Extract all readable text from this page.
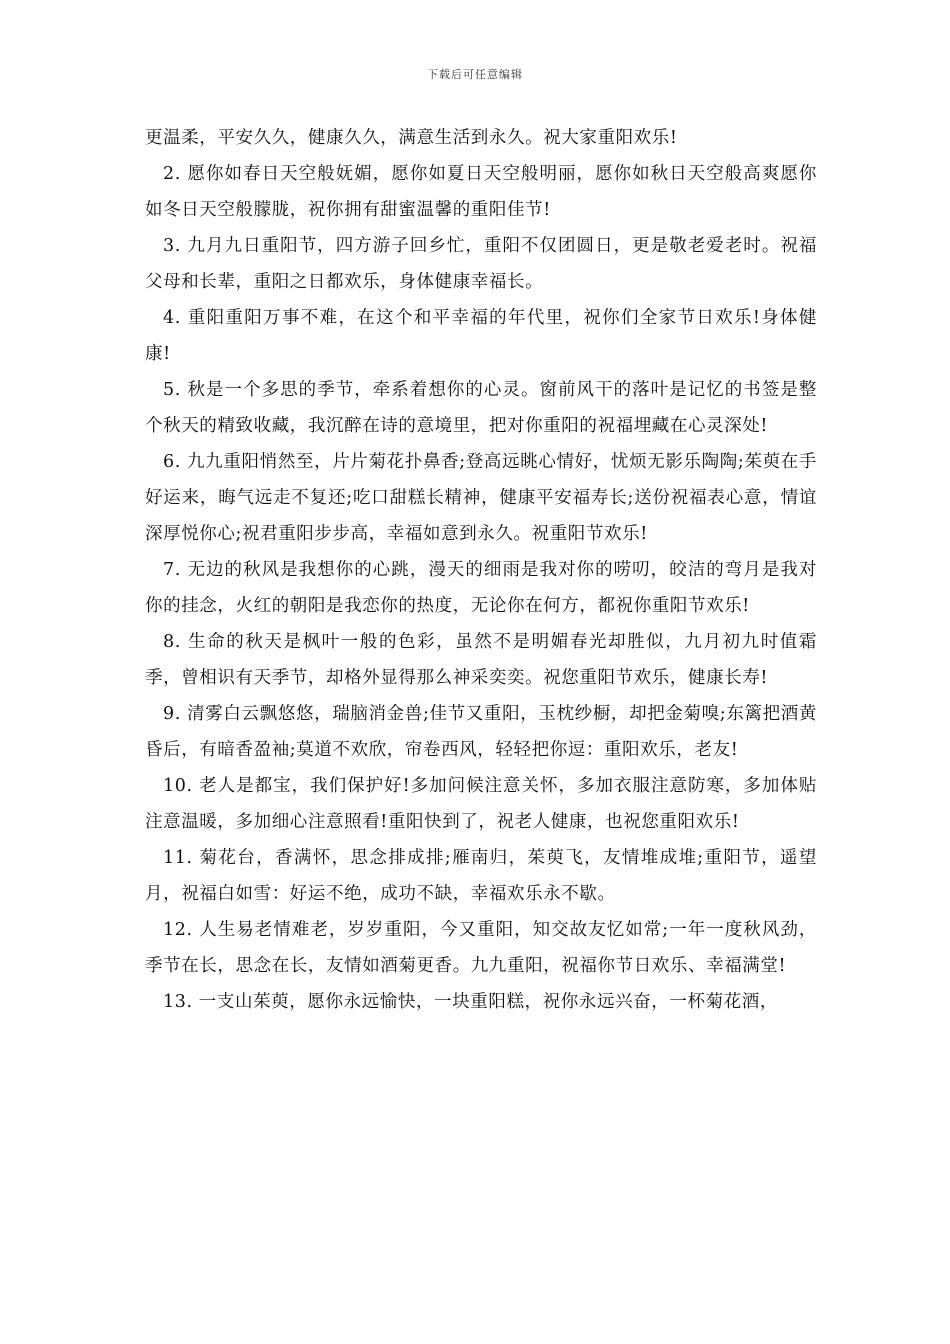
下载后可任意编辑

更温柔，平安久久，健康久久，满意生活到永久。祝大家重阳欢乐!

2. 愿你如春日天空般妩媚，愿你如夏日天空般明丽，愿你如秋日天空般高爽愿你如冬日天空般朦胧，祝你拥有甜蜜温馨的重阳佳节!

3. 九月九日重阳节，四方游子回乡忙，重阳不仅团圆日，更是敬老爱老时。祝福父母和长辈，重阳之日都欢乐，身体健康幸福长。

4. 重阳重阳万事不难，在这个和平幸福的年代里，祝你们全家节日欢乐!身体健康!

5. 秋是一个多思的季节，牵系着想你的心灵。窗前风干的落叶是记忆的书签是整个秋天的精致收藏，我沉醉在诗的意境里，把对你重阳的祝福埋藏在心灵深处!

6. 九九重阳悄然至，片片菊花扑鼻香;登高远眺心情好，忧烦无影乐陶陶;茱萸在手好运来，晦气远走不复还;吃口甜糕长精神，健康平安福寿长;送份祝福表心意，情谊深厚悦你心;祝君重阳步步高，幸福如意到永久。祝重阳节欢乐!

7. 无边的秋风是我想你的心跳，漫天的细雨是我对你的唠叨，皎洁的弯月是我对你的挂念，火红的朝阳是我恋你的热度，无论你在何方，都祝你重阳节欢乐!

8. 生命的秋天是枫叶一般的色彩，虽然不是明媚春光却胜似，九月初九时值霜季，曾相识有天季节，却格外显得那么神采奕奕。祝您重阳节欢乐，健康长寿!

9. 清雾白云飘悠悠，瑞脑消金兽;佳节又重阳，玉枕纱橱，却把金菊嗅;东篱把酒黄昏后，有暗香盈袖;莫道不欢欣，帘卷西风，轻轻把你逗：重阳欢乐，老友!

10. 老人是都宝，我们保护好!多加问候注意关怀，多加衣服注意防寒，多加体贴注意温暖，多加细心注意照看!重阳快到了，祝老人健康，也祝您重阳欢乐!

11. 菊花台，香满怀，思念排成排;雁南归，茱萸飞，友情堆成堆;重阳节，遥望月，祝福白如雪：好运不绝，成功不缺，幸福欢乐永不歇。

12. 人生易老情难老，岁岁重阳，今又重阳，知交故友忆如常;一年一度秋风劲，季节在长，思念在长，友情如酒菊更香。九九重阳，祝福你节日欢乐、幸福满堂!

13. 一支山茱萸，愿你永远愉快，一块重阳糕，祝你永远兴奋，一杯菊花酒，
